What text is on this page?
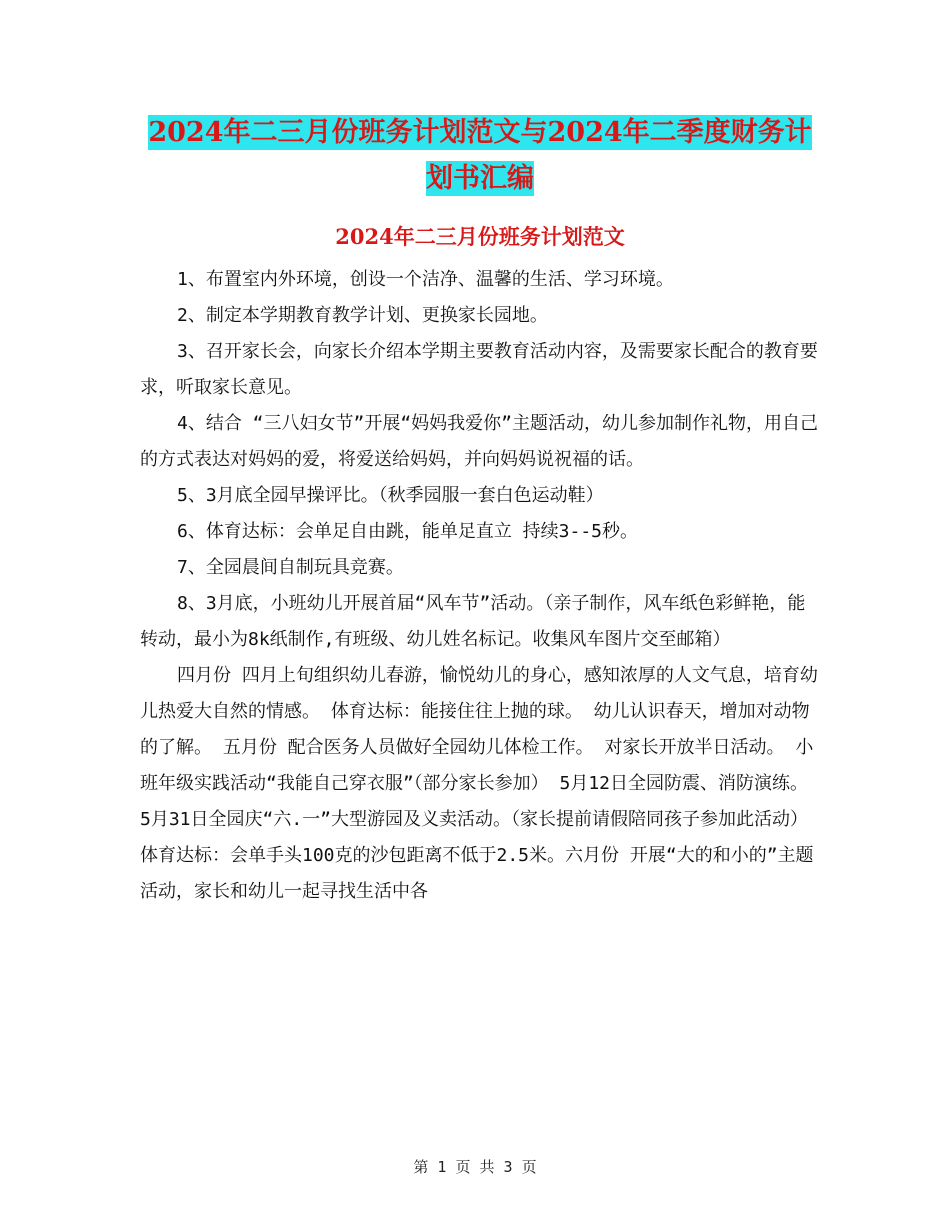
2024年二三月份班务计划范文与2024年二季度财务计
划书汇编
2024年二三月份班务计划范文

1、布置室内外环境，创设一个洁净、温馨的生活、学习环境。

2、制定本学期教育教学计划、更换家长园地。

3、召开家长会，向家长介绍本学期主要教育活动内容，及需要家长配合的教育要求，听取家长意见。

4、结合 “三八妇女节”开展“妈妈我爱你”主题活动，幼儿参加制作礼物，用自己的方式表达对妈妈的爱，将爱送给妈妈，并向妈妈说祝福的话。

5、3月底全园早操评比。（秋季园服一套白色运动鞋）

6、体育达标：会单足自由跳，能单足直立 持续3--5秒。

7、全园晨间自制玩具竞赛。

8、3月底，小班幼儿开展首届“风车节”活动。（亲子制作，风车纸色彩鲜艳，能转动，最小为8k纸制作,有班级、幼儿姓名标记。收集风车图片交至邮箱）

四月份 四月上旬组织幼儿春游，愉悦幼儿的身心，感知浓厚的人文气息，培育幼儿热爱大自然的情感。 体育达标：能接住往上抛的球。 幼儿认识春天，增加对动物的了解。 五月份 配合医务人员做好全园幼儿体检工作。 对家长开放半日活动。 小班年级实践活动“我能自己穿衣服”（部分家长参加） 5月12日全园防震、消防演练。 5月31日全园庆“六.一”大型游园及义卖活动。（家长提前请假陪同孩子参加此活动） 体育达标：会单手头100克的沙包距离不低于2.5米。六月份 开展“大的和小的”主题活动，家长和幼儿一起寻找生活中各

第 1 页 共 3 页
